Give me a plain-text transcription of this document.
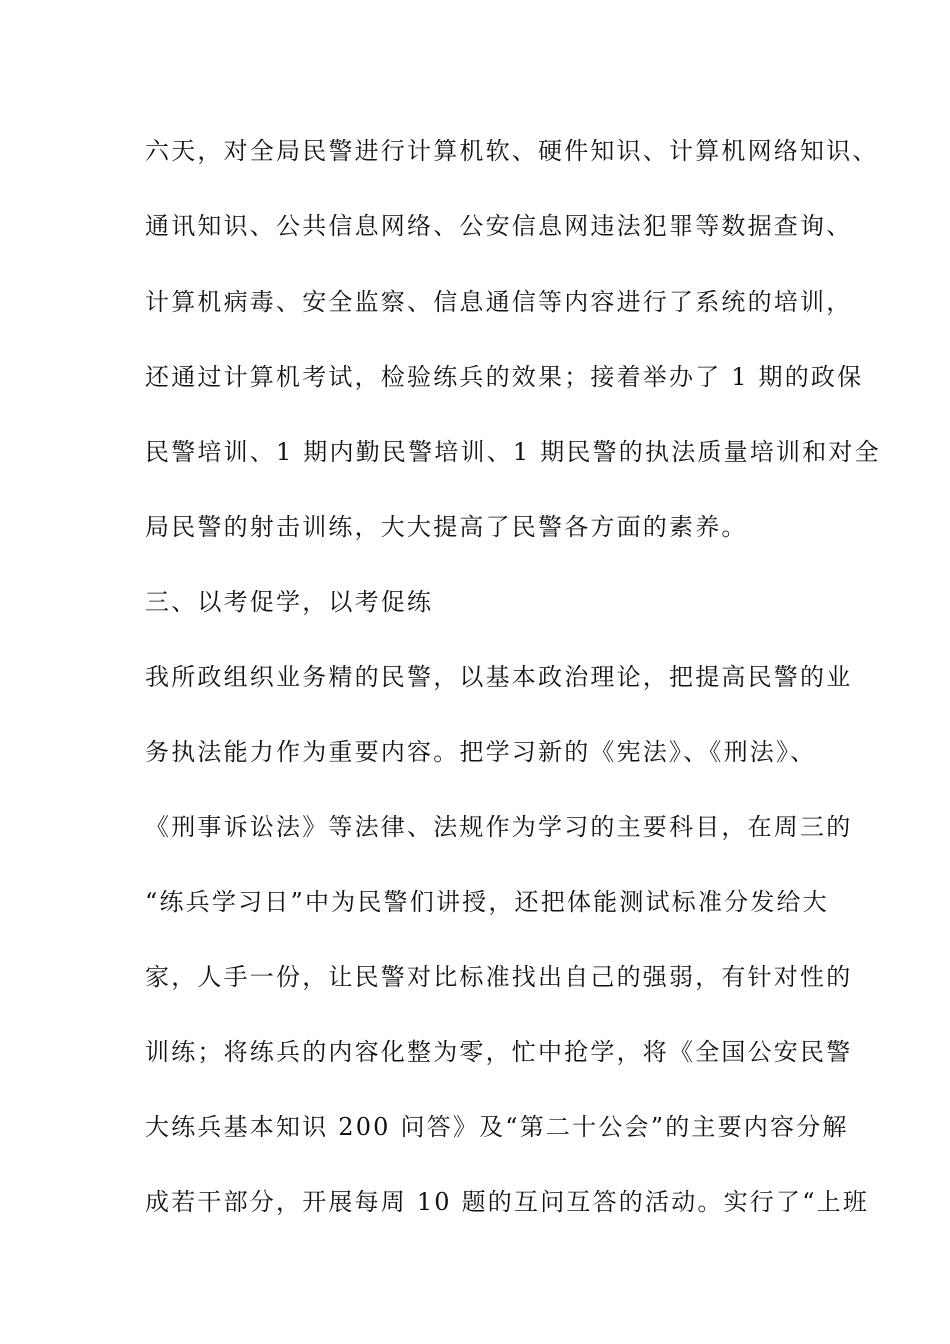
六天，对全局民警进行计算机软、硬件知识、计算机网络知识、
通讯知识、公共信息网络、公安信息网违法犯罪等数据查询、
计算机病毒、安全监察、信息通信等内容进行了系统的培训，
还通过计算机考试，检验练兵的效果；接着举办了 1 期的政保
民警培训、1 期内勤民警培训、1 期民警的执法质量培训和对全
局民警的射击训练，大大提高了民警各方面的素养。
三、以考促学，以考促练
我所政组织业务精的民警，以基本政治理论，把提高民警的业
务执法能力作为重要内容。把学习新的《宪法》、《刑法》、
《刑事诉讼法》等法律、法规作为学习的主要科目，在周三的
“练兵学习日”中为民警们讲授，还把体能测试标准分发给大
家，人手一份，让民警对比标准找出自己的强弱，有针对性的
训练；将练兵的内容化整为零，忙中抢学，将《全国公安民警
大练兵基本知识 200 问答》及“第二十公会”的主要内容分解
成若干部分，开展每周 10 题的互问互答的活动。实行了“上班
